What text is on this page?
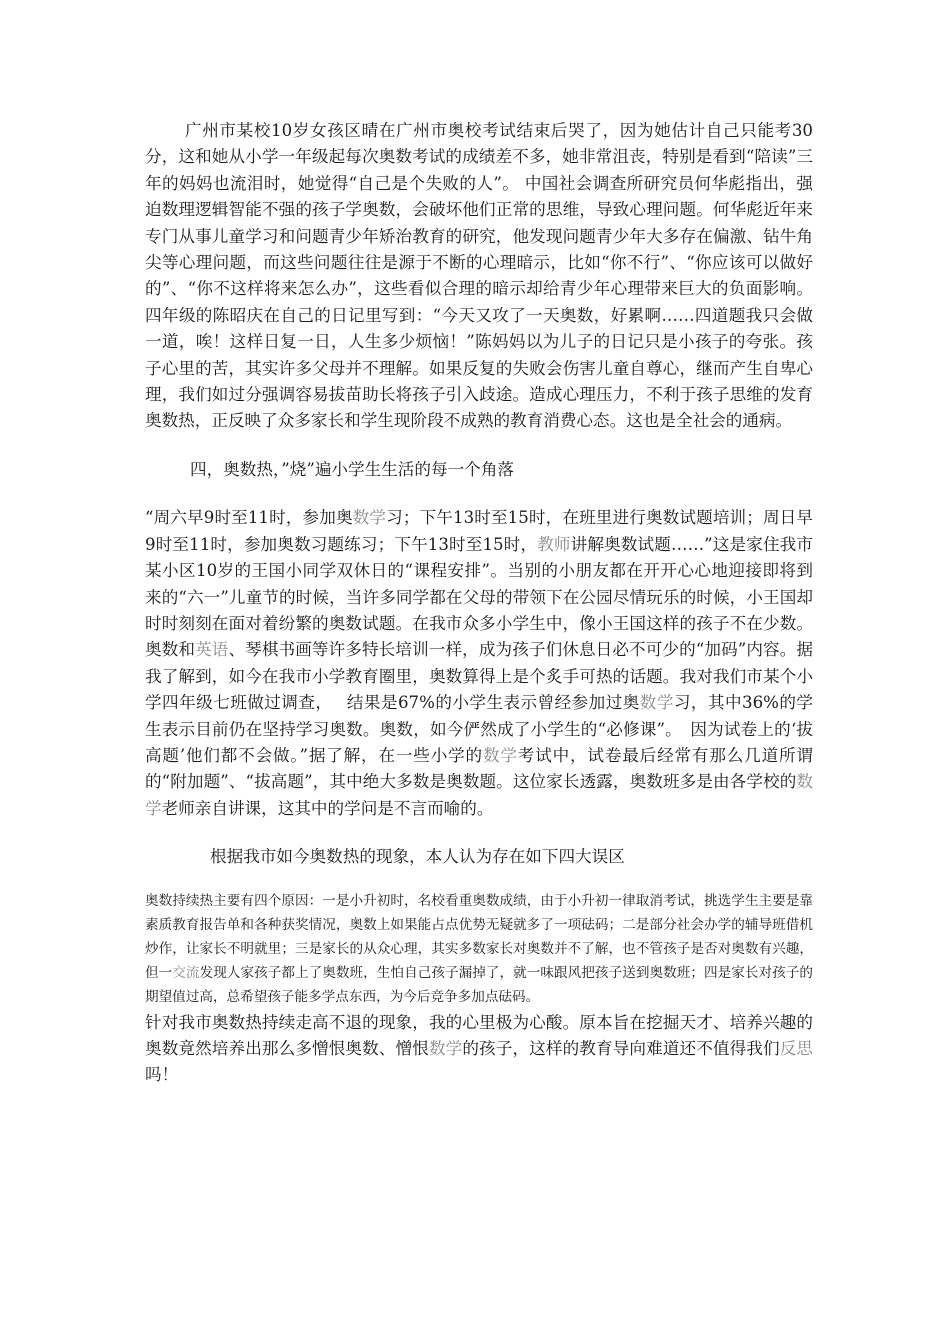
广州市某校10岁女孩区晴在广州市奥校考试结束后哭了，因为她估计自己只能考30分，这和她从小学一年级起每次奥数考试的成绩差不多，她非常沮丧，特别是看到“陪读”三年的妈妈也流泪时，她觉得“自己是个失败的人”。 中国社会调查所研究员何华彪指出，强迫数理逻辑智能不强的孩子学奥数，会破坏他们正常的思维，导致心理问题。何华彪近年来专门从事儿童学习和问题青少年矫治教育的研究，他发现问题青少年大多存在偏激、钻牛角尖等心理问题，而这些问题往往是源于不断的心理暗示，比如“你不行”、“你应该可以做好的”、“你不这样将来怎么办”，这些看似合理的暗示却给青少年心理带来巨大的负面影响。四年级的陈昭庆在自己的日记里写到：“今天又攻了一天奥数，好累啊……四道题我只会做一道，唉！这样日复一日，人生多少烦恼！”陈妈妈以为儿子的日记只是小孩子的夸张。孩子心里的苦，其实许多父母并不理解。如果反复的失败会伤害儿童自尊心，继而产生自卑心理，我们如过分强调容易拔苗助长将孩子引入歧途。造成心理压力，不利于孩子思维的发育奥数热，正反映了众多家长和学生现阶段不成熟的教育消费心态。这也是全社会的通病。

四，奥数热，”烧”遍小学生生活的每一个角落

“周六早9时至11时，参加奥数学习；下午13时至15时，在班里进行奥数试题培训；周日早9时至11时，参加奥数习题练习；下午13时至15时，教师讲解奥数试题……”这是家住我市某小区10岁的王国小同学双休日的“课程安排”。当别的小朋友都在开开心心地迎接即将到来的“六一”儿童节的时候，当许多同学都在父母的带领下在公园尽情玩乐的时候，小王国却时时刻刻在面对着纷繁的奥数试题。在我市众多小学生中，像小王国这样的孩子不在少数。奥数和英语、琴棋书画等许多特长培训一样，成为孩子们休息日必不可少的“加码”内容。据我了解到，如今在我市小学教育圈里，奥数算得上是个炙手可热的话题。我对我们市某个小学四年级七班做过调查，　 结果是67%的小学生表示曾经参加过奥数学习，其中36%的学生表示目前仍在坚持学习奥数。奥数，如今俨然成了小学生的“必修课”。　因为试卷上的‘拔高题’他们都不会做。”据了解，在一些小学的数学考试中，试卷最后经常有那么几道所谓的“附加题”、“拔高题”，其中绝大多数是奥数题。这位家长透露，奥数班多是由各学校的数学老师亲自讲课，这其中的学问是不言而喻的。

根据我市如今奥数热的现象，本人认为存在如下四大误区

奥数持续热主要有四个原因：一是小升初时，名校看重奥数成绩，由于小升初一律取消考试，挑选学生主要是靠素质教育报告单和各种获奖情况，奥数上如果能占点优势无疑就多了一项砝码；二是部分社会办学的辅导班借机炒作，让家长不明就里；三是家长的从众心理，其实多数家长对奥数并不了解，也不管孩子是否对奥数有兴趣，但一交流发现人家孩子都上了奥数班，生怕自己孩子漏掉了，就一味跟风把孩子送到奥数班；四是家长对孩子的期望值过高，总希望孩子能多学点东西，为今后竞争多加点砝码。

针对我市奥数热持续走高不退的现象，我的心里极为心酸。原本旨在挖掘天才、培养兴趣的奥数竟然培养出那么多憎恨奥数、憎恨数学的孩子，这样的教育导向难道还不值得我们反思吗！
